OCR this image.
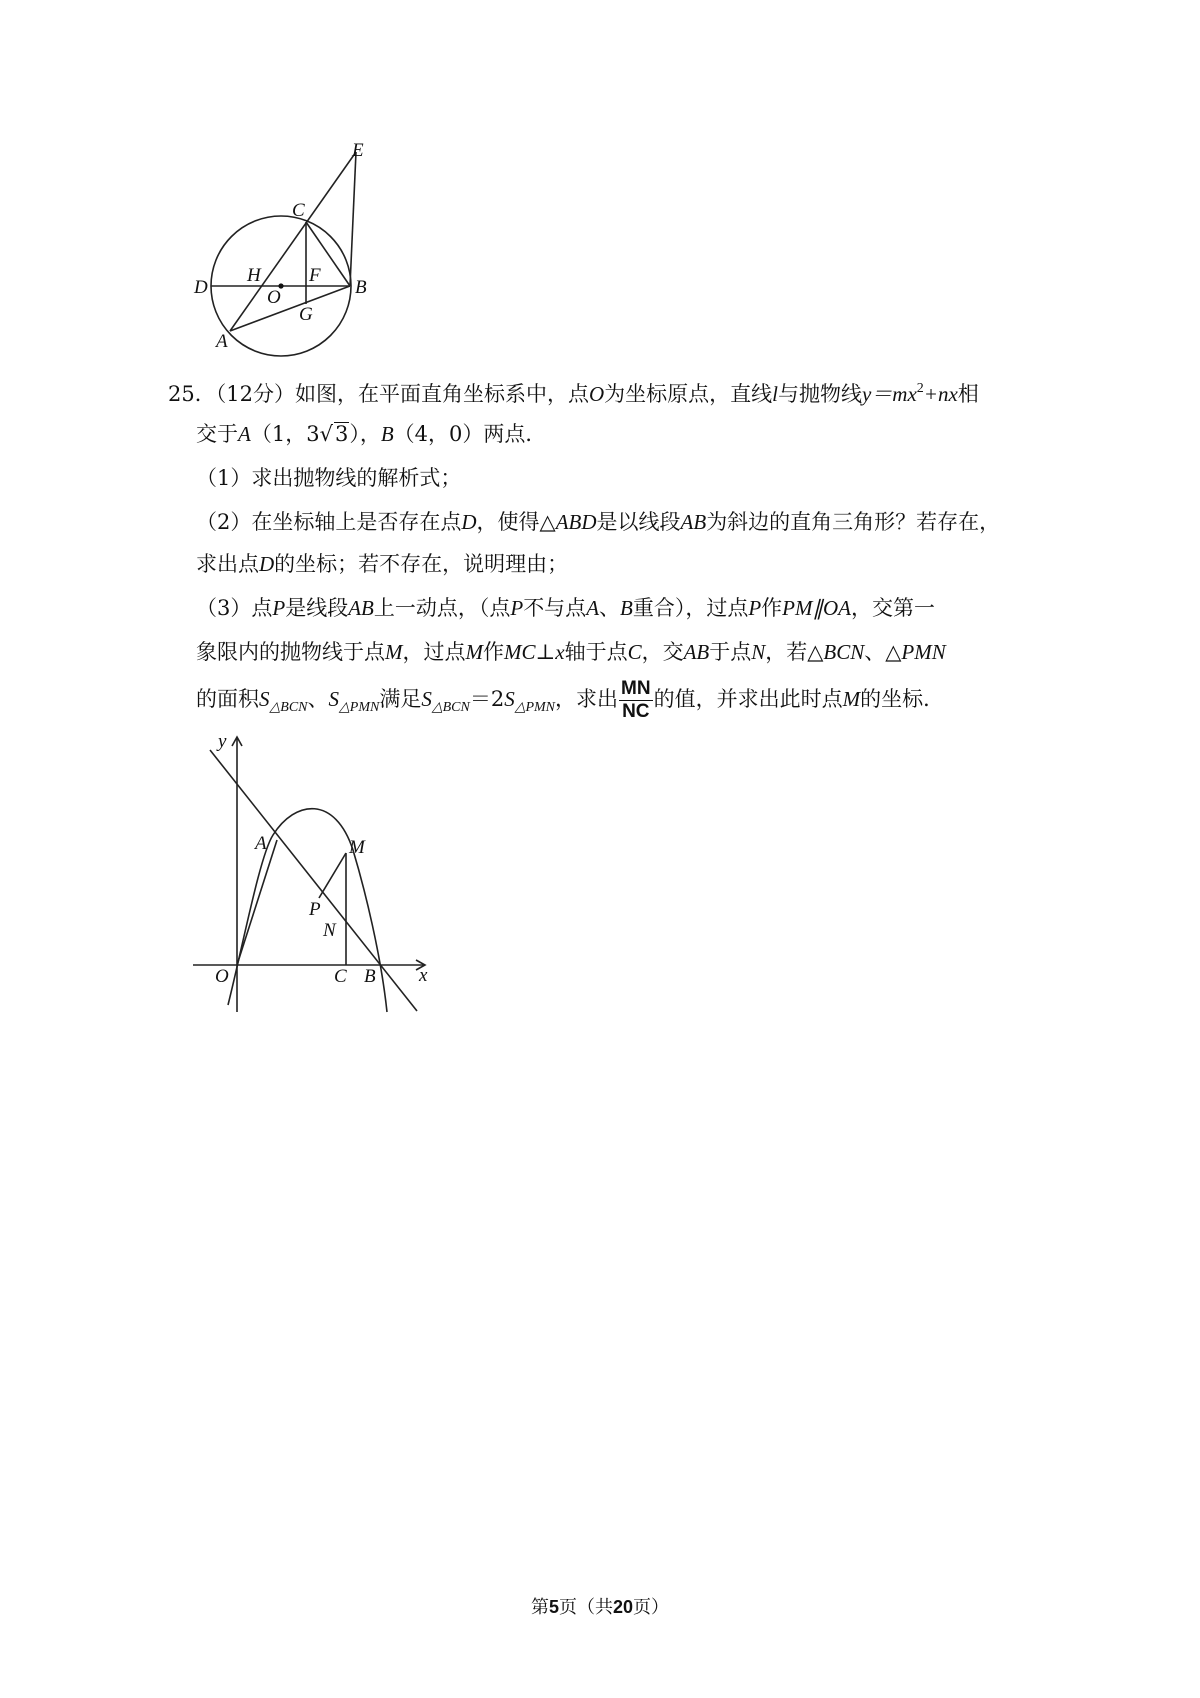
E
C
H	F
B
D	O
G
A
25．（12分）如图，在平面直角坐标系中，点O为坐标原点，直线l与抛物线$y=mx^2+nx$相
交于A（1，3√3），B（4，0）两点．
（1）求出抛物线的解析式；
（2）在坐标轴上是否存在点D，使得△ABD是以线段AB为斜边的直角三角形？若存在，
求出点D的坐标；若不存在，说明理由；
（3）点P是线段AB上一动点，（点P不与点A、B重合），过点P作PM∥OA，交第一
象限内的抛物线于点M，过点M作MC⊥x轴于点C，交AB于点N，若△BCN、△PMN
的面积$S_{\triangle BCN}$、$S_{\triangle PMN}$满足$S_{\triangle BCN}=2S_{\triangle PMN}$，求出 $\frac{MN}{NC}$ 的值，并求出此时点M的坐标．
y
A	M
P
N
O	C B x
第5页（共20页）
